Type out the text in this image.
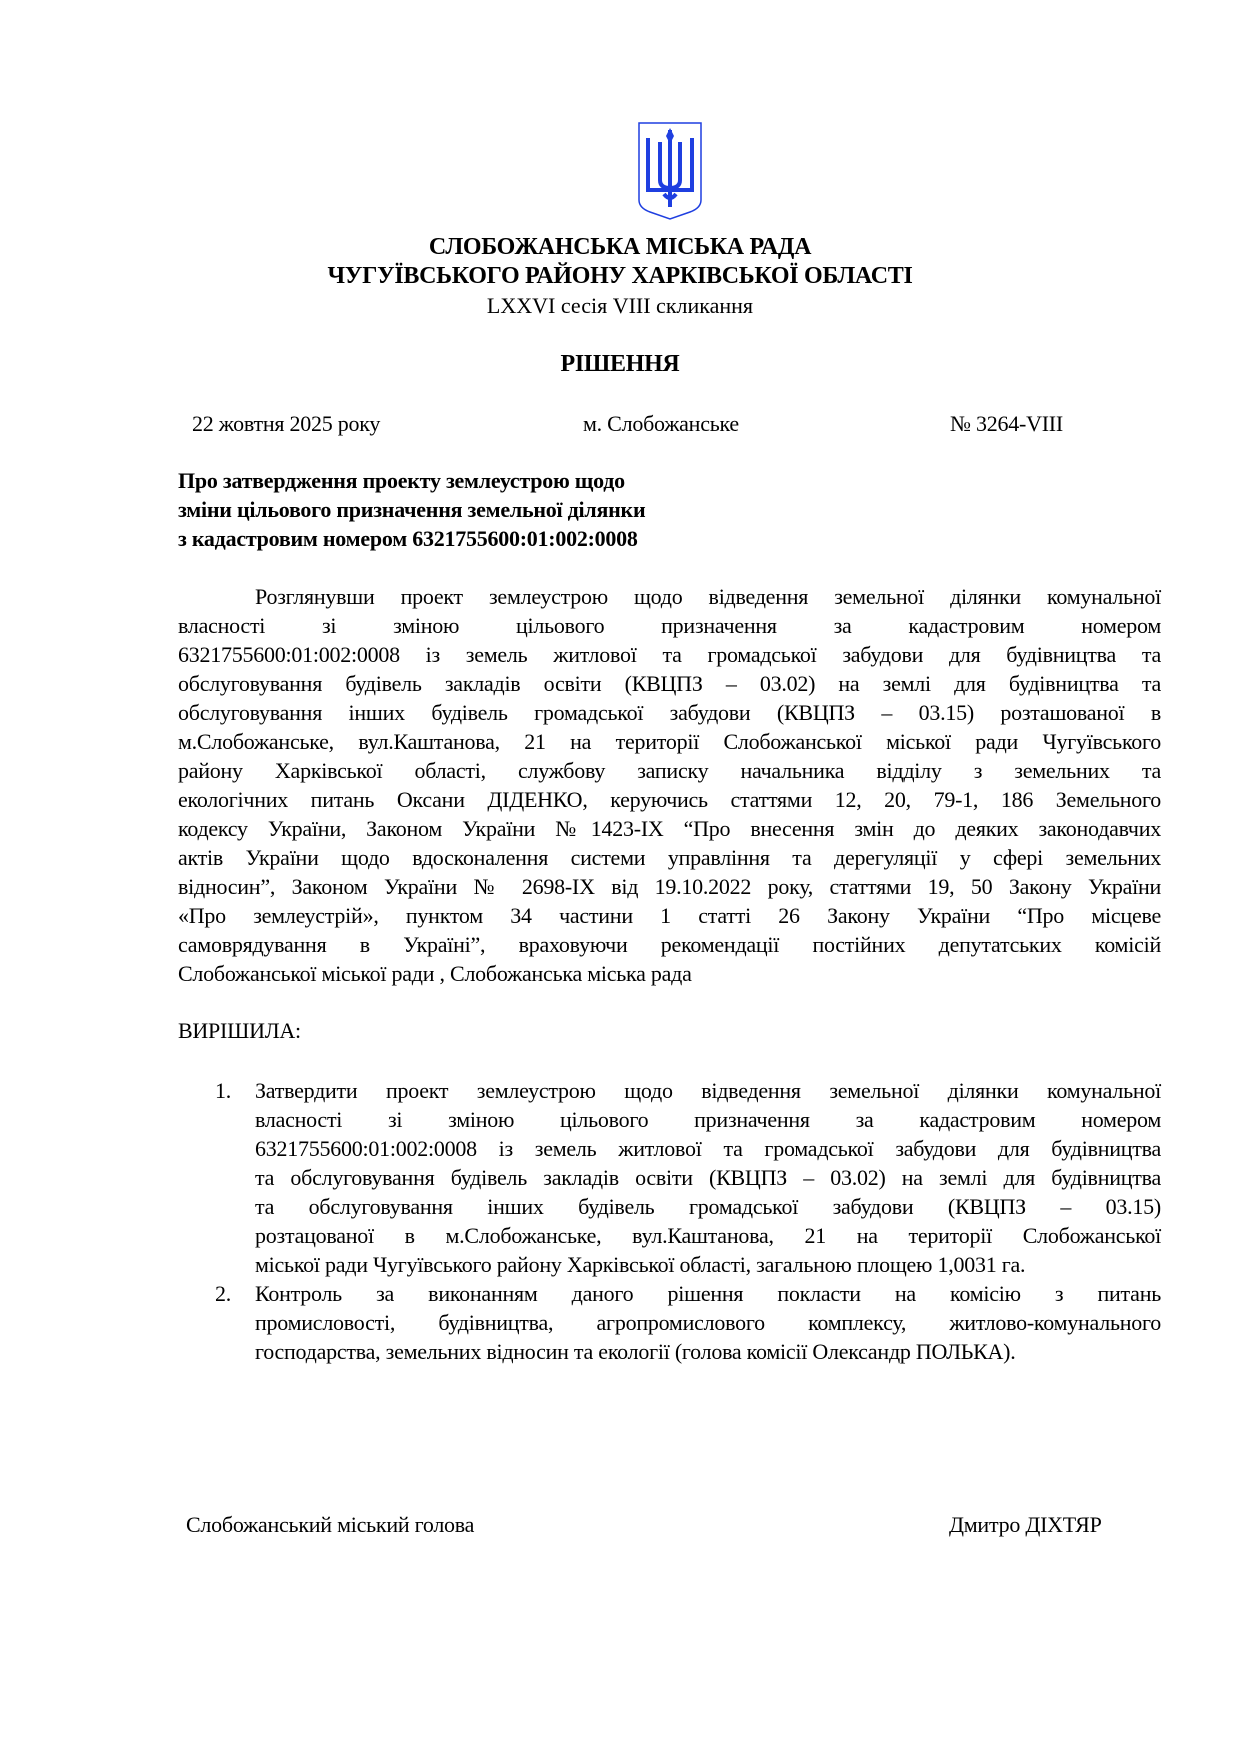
СЛОБОЖАНСЬКА МІСЬКА РАДА
ЧУГУЇВСЬКОГО РАЙОНУ ХАРКІВСЬКОЇ ОБЛАСТІ
LXXVI сесія VIII скликання
РІШЕННЯ
22 жовтня 2025 року	м. Слобожанське	№ 3264-VIII
Про затвердження проекту землеустрою щодо
зміни цільового призначення земельної ділянки
з кадастровим номером 6321755600:01:002:0008
Розглянувши проект землеустрою щодо відведення земельної ділянки комунальної
власності зі зміною цільового призначення за кадастровим номером
6321755600:01:002:0008 із земель житлової та громадської забудови для будівництва та
обслуговування будівель закладів освіти (КВЦПЗ – 03.02) на землі для будівництва та
обслуговування інших будівель громадської забудови (КВЦПЗ – 03.15) розташованої в
м.Слобожанське, вул.Каштанова, 21 на території Слобожанської міської ради Чугуївського
району Харківської області, службову записку начальника відділу з земельних та
екологічних питань Оксани ДІДЕНКО, керуючись статтями 12, 20, 79-1, 186 Земельного
кодексу України, Законом України №1423-IX “Про внесення змін до деяких законодавчих
актів України щодо вдосконалення системи управління та дерегуляції у сфері земельних
відносин”, Законом України № 2698-IX від 19.10.2022 року, статтями 19, 50 Закону України
«Про землеустрій», пунктом 34 частини 1 статті 26 Закону України “Про місцеве
самоврядування в Україні”, враховуючи рекомендації постійних депутатських комісій
Слобожанської міської ради , Слобожанська міська рада
ВИРІШИЛА:
1. Затвердити проект землеустрою щодо відведення земельної ділянки комунальної
власності зі зміною цільового призначення за кадастровим номером
6321755600:01:002:0008 із земель житлової та громадської забудови для будівництва
та обслуговування будівель закладів освіти (КВЦПЗ – 03.02) на землі для будівництва
та обслуговування інших будівель громадської забудови (КВЦПЗ – 03.15)
розтацованої в м.Слобожанське, вул.Каштанова, 21 на території Слобожанської
міської ради Чугуївського району Харківської області, загальною площею 1,0031 га.
2. Контроль за виконанням даного рішення покласти на комісію з питань
промисловості, будівництва, агропромислового комплексу, житлово-комунального
господарства, земельних відносин та екології (голова комісії Олександр ПОЛЬКА).
Слобожанський міський голова	Дмитро ДІХТЯР
